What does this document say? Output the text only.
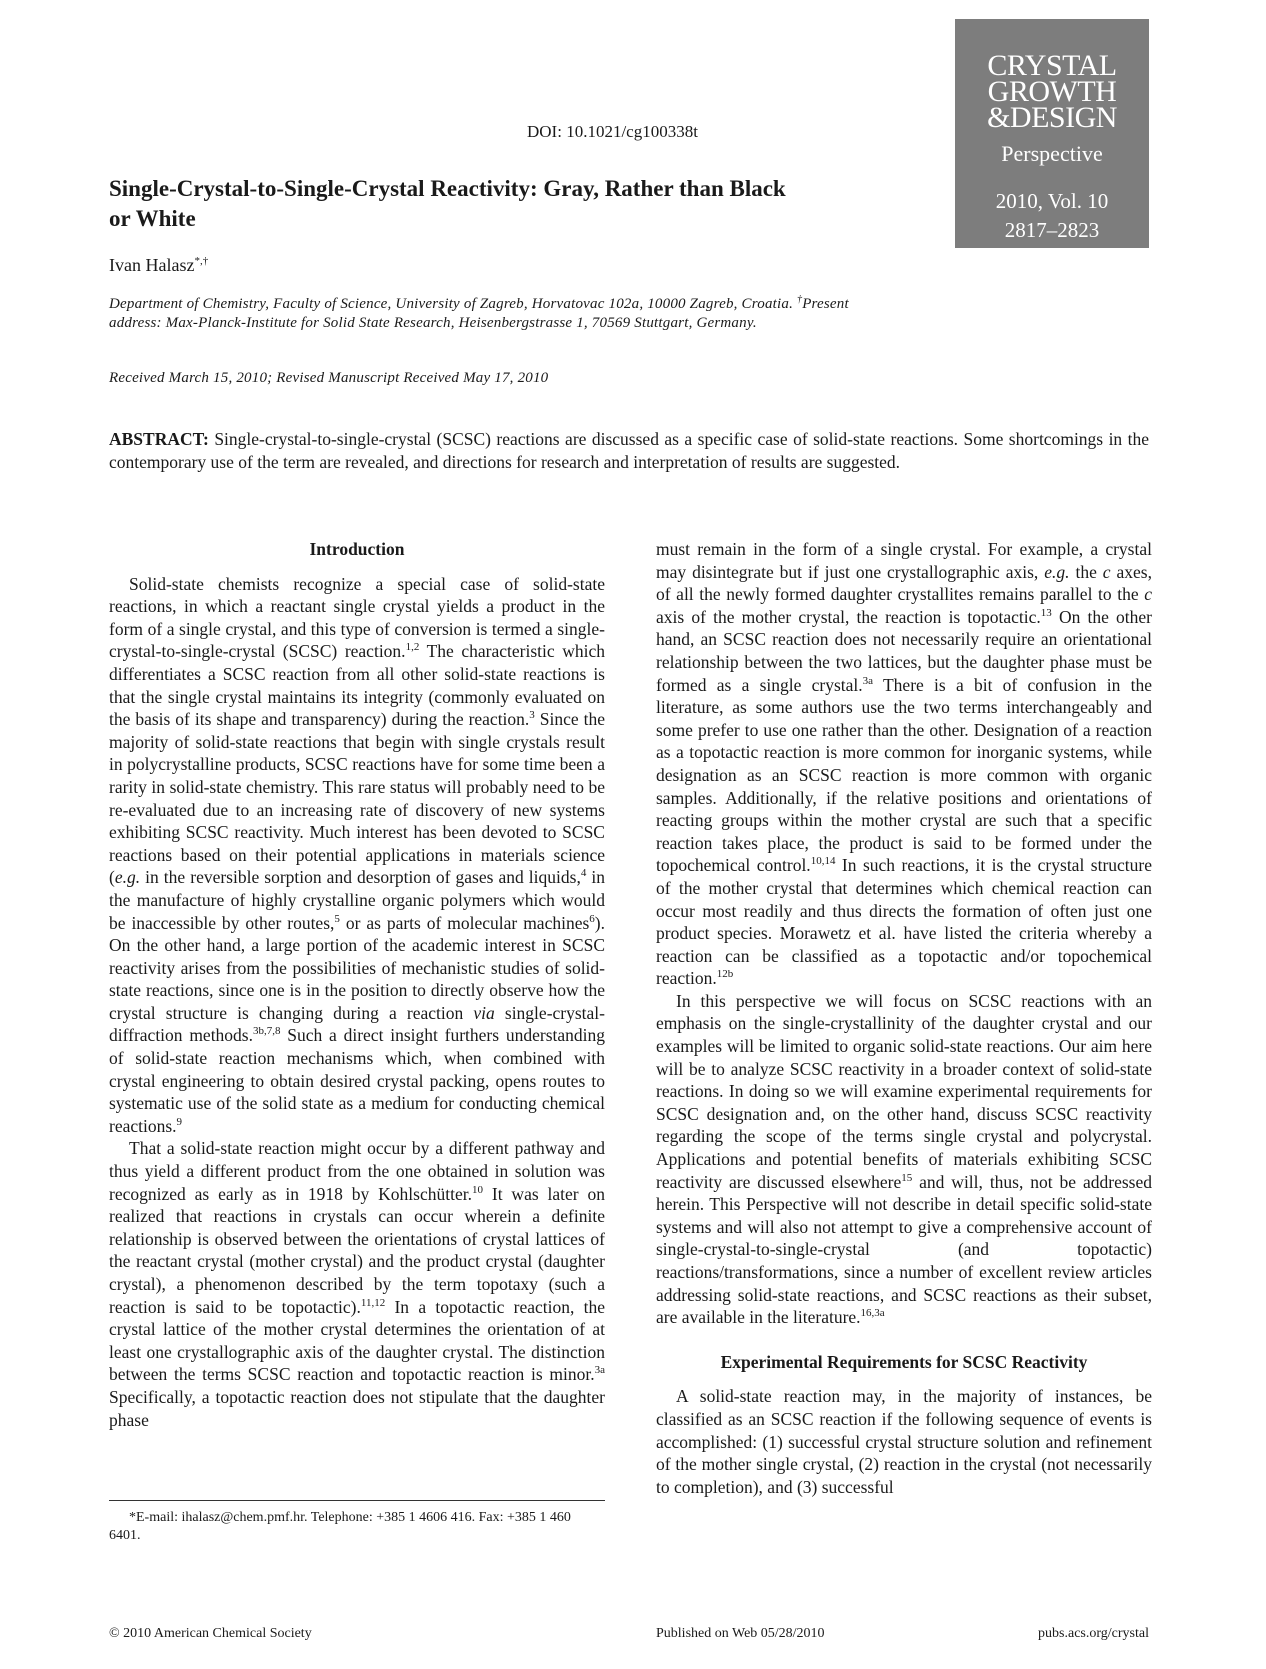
CRYSTAL
GROWTH
&DESIGN
Perspective
2010, Vol. 10
2817–2823
DOI: 10.1021/cg100338t
Single-Crystal-to-Single-Crystal Reactivity: Gray, Rather than Black or White
Ivan Halasz*,†
Department of Chemistry, Faculty of Science, University of Zagreb, Horvatovac 102a, 10000 Zagreb, Croatia. †Present address: Max-Planck-Institute for Solid State Research, Heisenbergstrasse 1, 70569 Stuttgart, Germany.
Received March 15, 2010; Revised Manuscript Received May 17, 2010
ABSTRACT: Single-crystal-to-single-crystal (SCSC) reactions are discussed as a specific case of solid-state reactions. Some shortcomings in the contemporary use of the term are revealed, and directions for research and interpretation of results are suggested.
Introduction

Solid-state chemists recognize a special case of solid-state reactions, in which a reactant single crystal yields a product in the form of a single crystal, and this type of conversion is termed a single-crystal-to-single-crystal (SCSC) reaction.$^{1,2}$ The characteristic which differentiates a SCSC reaction from all other solid-state reactions is that the single crystal maintains its integrity (commonly evaluated on the basis of its shape and transparency) during the reaction.$^3$ Since the majority of solid-state reactions that begin with single crystals result in polycrystalline products, SCSC reactions have for some time been a rarity in solid-state chemistry. This rare status will probably need to be re-evaluated due to an increasing rate of discovery of new systems exhibiting SCSC reactivity. Much interest has been devoted to SCSC reactions based on their potential applications in materials science (e.g. in the reversible sorption and desorption of gases and liquids,$^4$ in the manufacture of highly crystalline organic polymers which would be inaccessible by other routes,$^5$ or as parts of molecular machines$^6$). On the other hand, a large portion of the academic interest in SCSC reactivity arises from the possibilities of mechanistic studies of solid-state reactions, since one is in the position to directly observe how the crystal structure is changing during a reaction via single-crystal-diffraction methods.$^{3b,7,8}$ Such a direct insight furthers understanding of solid-state reaction mechanisms which, when combined with crystal engineering to obtain desired crystal packing, opens routes to systematic use of the solid state as a medium for conducting chemical reactions.$^9$

That a solid-state reaction might occur by a different pathway and thus yield a different product from the one obtained in solution was recognized as early as in 1918 by Kohlschütter.$^{10}$ It was later on realized that reactions in crystals can occur wherein a definite relationship is observed between the orientations of crystal lattices of the reactant crystal (mother crystal) and the product crystal (daughter crystal), a phenomenon described by the term topotaxy (such a reaction is said to be topotactic).$^{11,12}$ In a topotactic reaction, the crystal lattice of the mother crystal determines the orientation of at least one crystallographic axis of the daughter crystal. The distinction between the terms SCSC reaction and topotactic reaction is minor.$^{3a}$ Specifically, a topotactic reaction does not stipulate that the daughter phase

must remain in the form of a single crystal. For example, a crystal may disintegrate but if just one crystallographic axis, e.g. the c axes, of all the newly formed daughter crystallites remains parallel to the c axis of the mother crystal, the reaction is topotactic.$^{13}$ On the other hand, an SCSC reaction does not necessarily require an orientational relationship between the two lattices, but the daughter phase must be formed as a single crystal.$^{3a}$ There is a bit of confusion in the literature, as some authors use the two terms interchangeably and some prefer to use one rather than the other. Designation of a reaction as a topotactic reaction is more common for inorganic systems, while designation as an SCSC reaction is more common with organic samples. Additionally, if the relative positions and orientations of reacting groups within the mother crystal are such that a specific reaction takes place, the product is said to be formed under the topochemical control.$^{10,14}$ In such reactions, it is the crystal structure of the mother crystal that determines which chemical reaction can occur most readily and thus directs the formation of often just one product species. Morawetz et al. have listed the criteria whereby a reaction can be classified as a topotactic and/or topochemical reaction.$^{12b}$

In this perspective we will focus on SCSC reactions with an emphasis on the single-crystallinity of the daughter crystal and our examples will be limited to organic solid-state reactions. Our aim here will be to analyze SCSC reactivity in a broader context of solid-state reactions. In doing so we will examine experimental requirements for SCSC designation and, on the other hand, discuss SCSC reactivity regarding the scope of the terms single crystal and polycrystal. Applications and potential benefits of materials exhibiting SCSC reactivity are discussed elsewhere$^{15}$ and will, thus, not be addressed herein. This Perspective will not describe in detail specific solid-state systems and will also not attempt to give a comprehensive account of single-crystal-to-single-crystal (and topotactic) reactions/transformations, since a number of excellent review articles addressing solid-state reactions, and SCSC reactions as their subset, are available in the literature.$^{16,3a}$

Experimental Requirements for SCSC Reactivity

A solid-state reaction may, in the majority of instances, be classified as an SCSC reaction if the following sequence of events is accomplished: (1) successful crystal structure solution and refinement of the mother single crystal, (2) reaction in the crystal (not necessarily to completion), and (3) successful

*E-mail: ihalasz@chem.pmf.hr. Telephone: +385 1 4606 416. Fax: +385 1 460 6401.
© 2010 American Chemical Society	Published on Web 05/28/2010	pubs.acs.org/crystal
